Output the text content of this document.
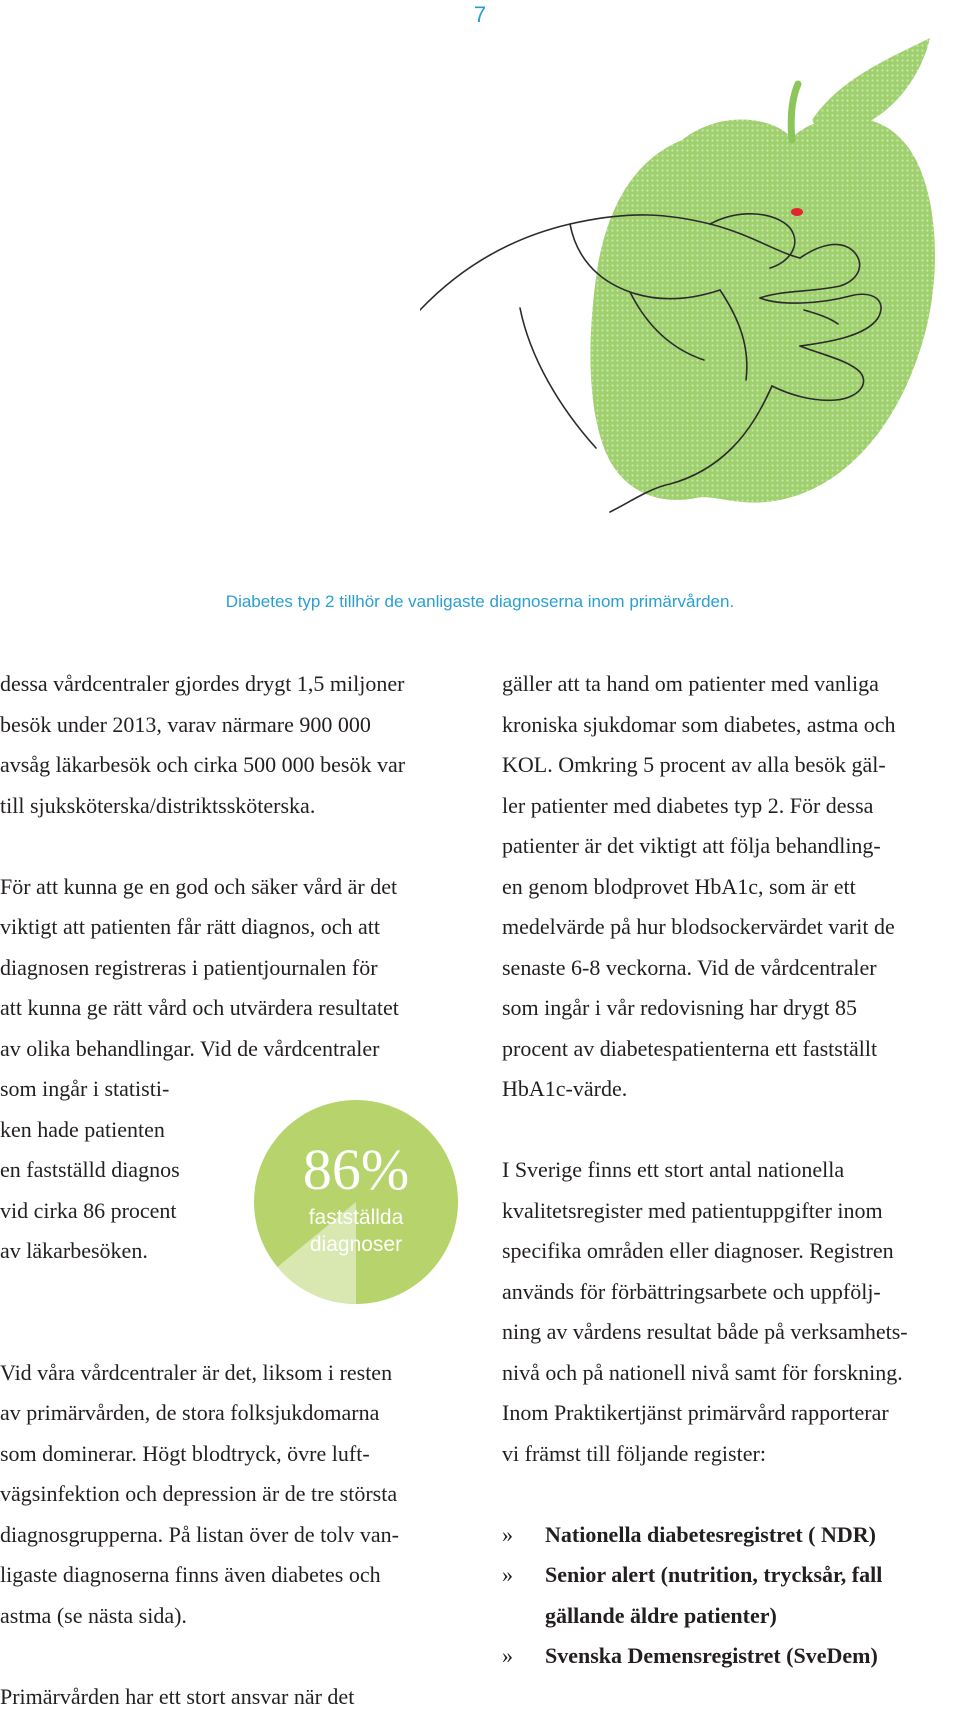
7
Diabetes typ 2 tillhör de vanligaste diagnoserna inom primärvården.

dessa vårdcentraler gjordes drygt 1,5 miljoner
besök under 2013, varav närmare 900 000
avsåg läkarbesök och cirka 500 000 besök var
till sjuksköterska/distriktssköterska.

För att kunna ge en god och säker vård är det
viktigt att patienten får rätt diagnos, och att
diagnosen registreras i patientjournalen för
att kunna ge rätt vård och utvärdera resultatet
av olika behandlingar. Vid de vårdcentraler
som ingår i statisti-
ken hade patienten
en fastställd diagnos
vid cirka 86 procent
av läkarbesöken.

Vid våra vårdcentraler är det, liksom i resten
av primärvården, de stora folksjukdomarna
som dominerar. Högt blodtryck, övre luft-
vägsinfektion och depression är de tre största
diagnosgrupperna. På listan över de tolv van-
ligaste diagnoserna finns även diabetes och
astma (se nästa sida).

Primärvården har ett stort ansvar när det

86%
fastställda
diagnoser

gäller att ta hand om patienter med vanliga
kroniska sjukdomar som diabetes, astma och
KOL. Omkring 5 procent av alla besök gäl-
ler patienter med diabetes typ 2. För dessa
patienter är det viktigt att följa behandling-
en genom blodprovet HbA1c, som är ett
medelvärde på hur blodsockervärdet varit de
senaste 6-8 veckorna. Vid de vårdcentraler
som ingår i vår redovisning har drygt 85
procent av diabetespatienterna ett fastställt
HbA1c-värde.

I Sverige finns ett stort antal nationella
kvalitetsregister med patientuppgifter inom
specifika områden eller diagnoser. Registren
används för förbättringsarbete och uppfölj-
ning av vårdens resultat både på verksamhets-
nivå och på nationell nivå samt för forskning.
Inom Praktikertjänst primärvård rapporterar
vi främst till följande register:

» Nationella diabetesregistret ( NDR)
» Senior alert (nutrition, trycksår, fall
gällande äldre patienter)
» Svenska Demensregistret (SveDem)
